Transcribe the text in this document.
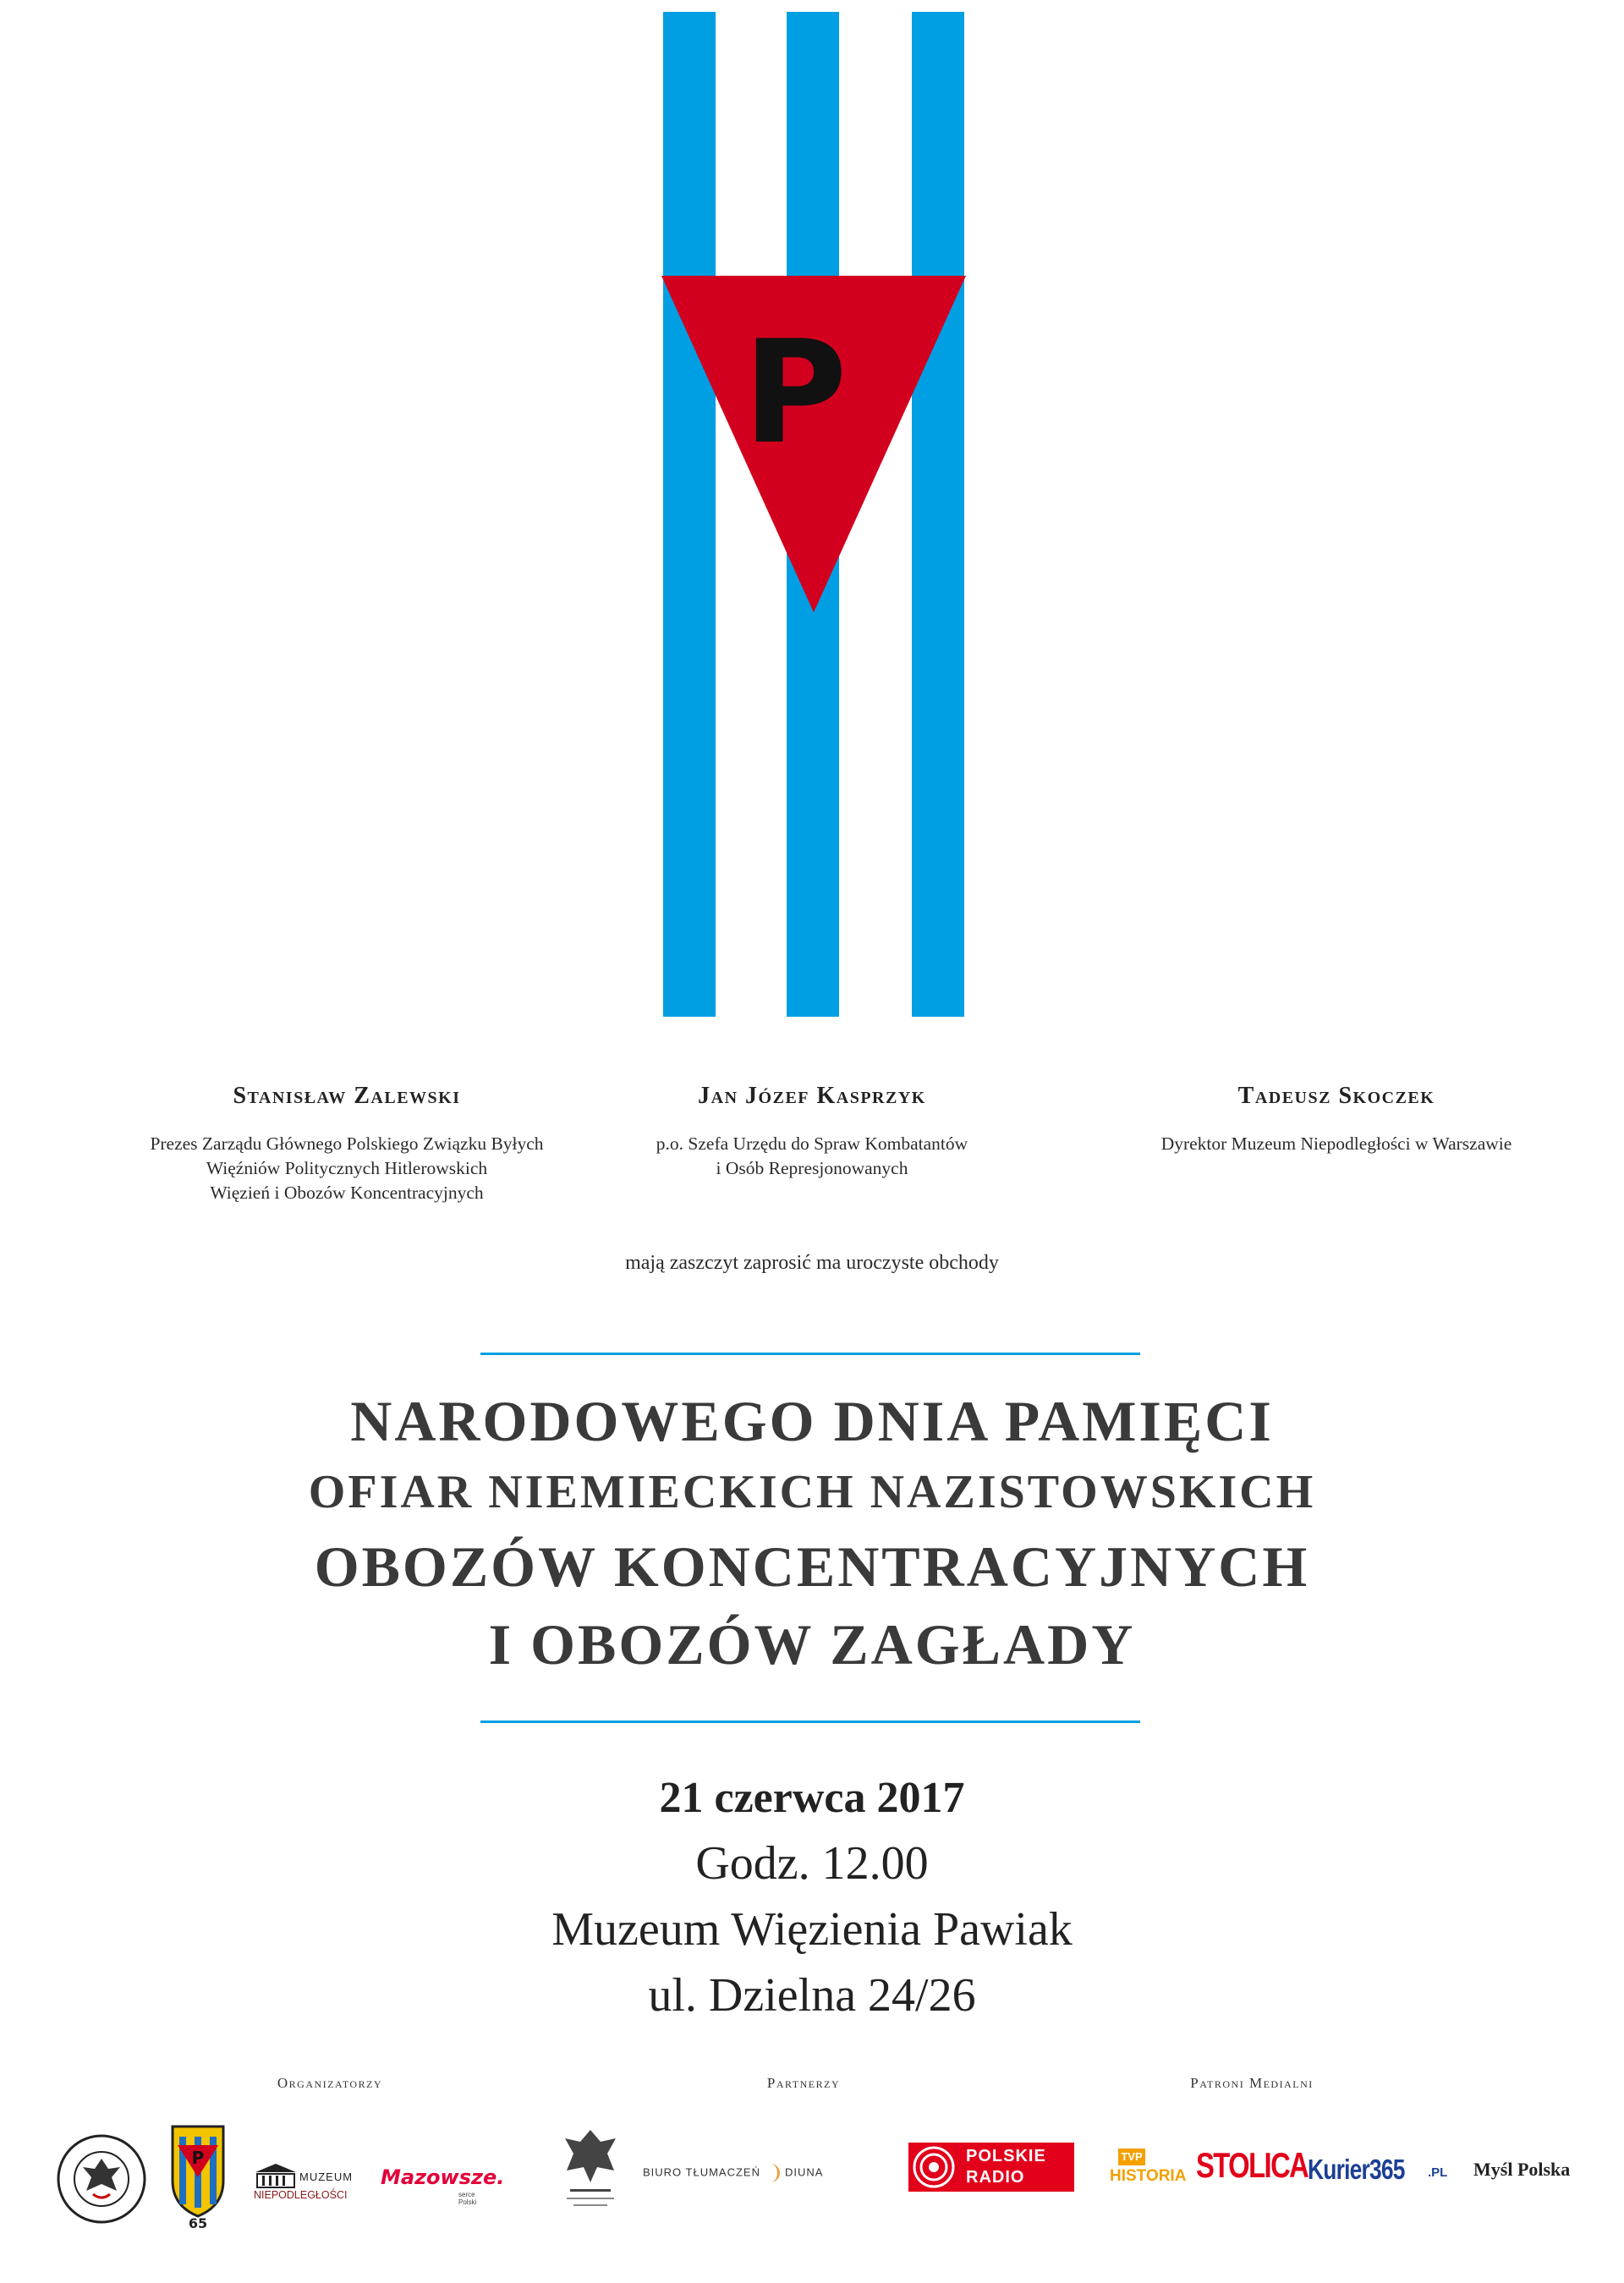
P
Stanisław Zalewski
Prezes Zarządu Głównego Polskiego Związku Byłych
Więźniów Politycznych Hitlerowskich
Więzień i Obozów Koncentracyjnych
Jan Józef Kasprzyk
p.o. Szefa Urzędu do Spraw Kombatantów
i Osób Represjonowanych
Tadeusz Skoczek
Dyrektor Muzeum Niepodległości w Warszawie
mają zaszczyt zaprosić ma uroczyste obchody
NARODOWEGO DNIA PAMIĘCI
OFIAR NIEMIECKICH NAZISTOWSKICH
OBOZÓW KONCENTRACYJNYCH
I OBOZÓW ZAGŁADY
21 czerwca 2017
Godz. 12.00
Muzeum Więzienia Pawiak
ul. Dzielna 24/26
Organizatorzy	Partnerzy	Patroni Medialni
P
65
MUZEUM
NIEPODLEGŁOŚCI
Mazowsze.
serce Polski
BIURO TŁUMACZEŃ DIUNA
POLSKIE
RADIO
TVP
HISTORIA STOLICA Kurier365 .PL Myśl Polska
